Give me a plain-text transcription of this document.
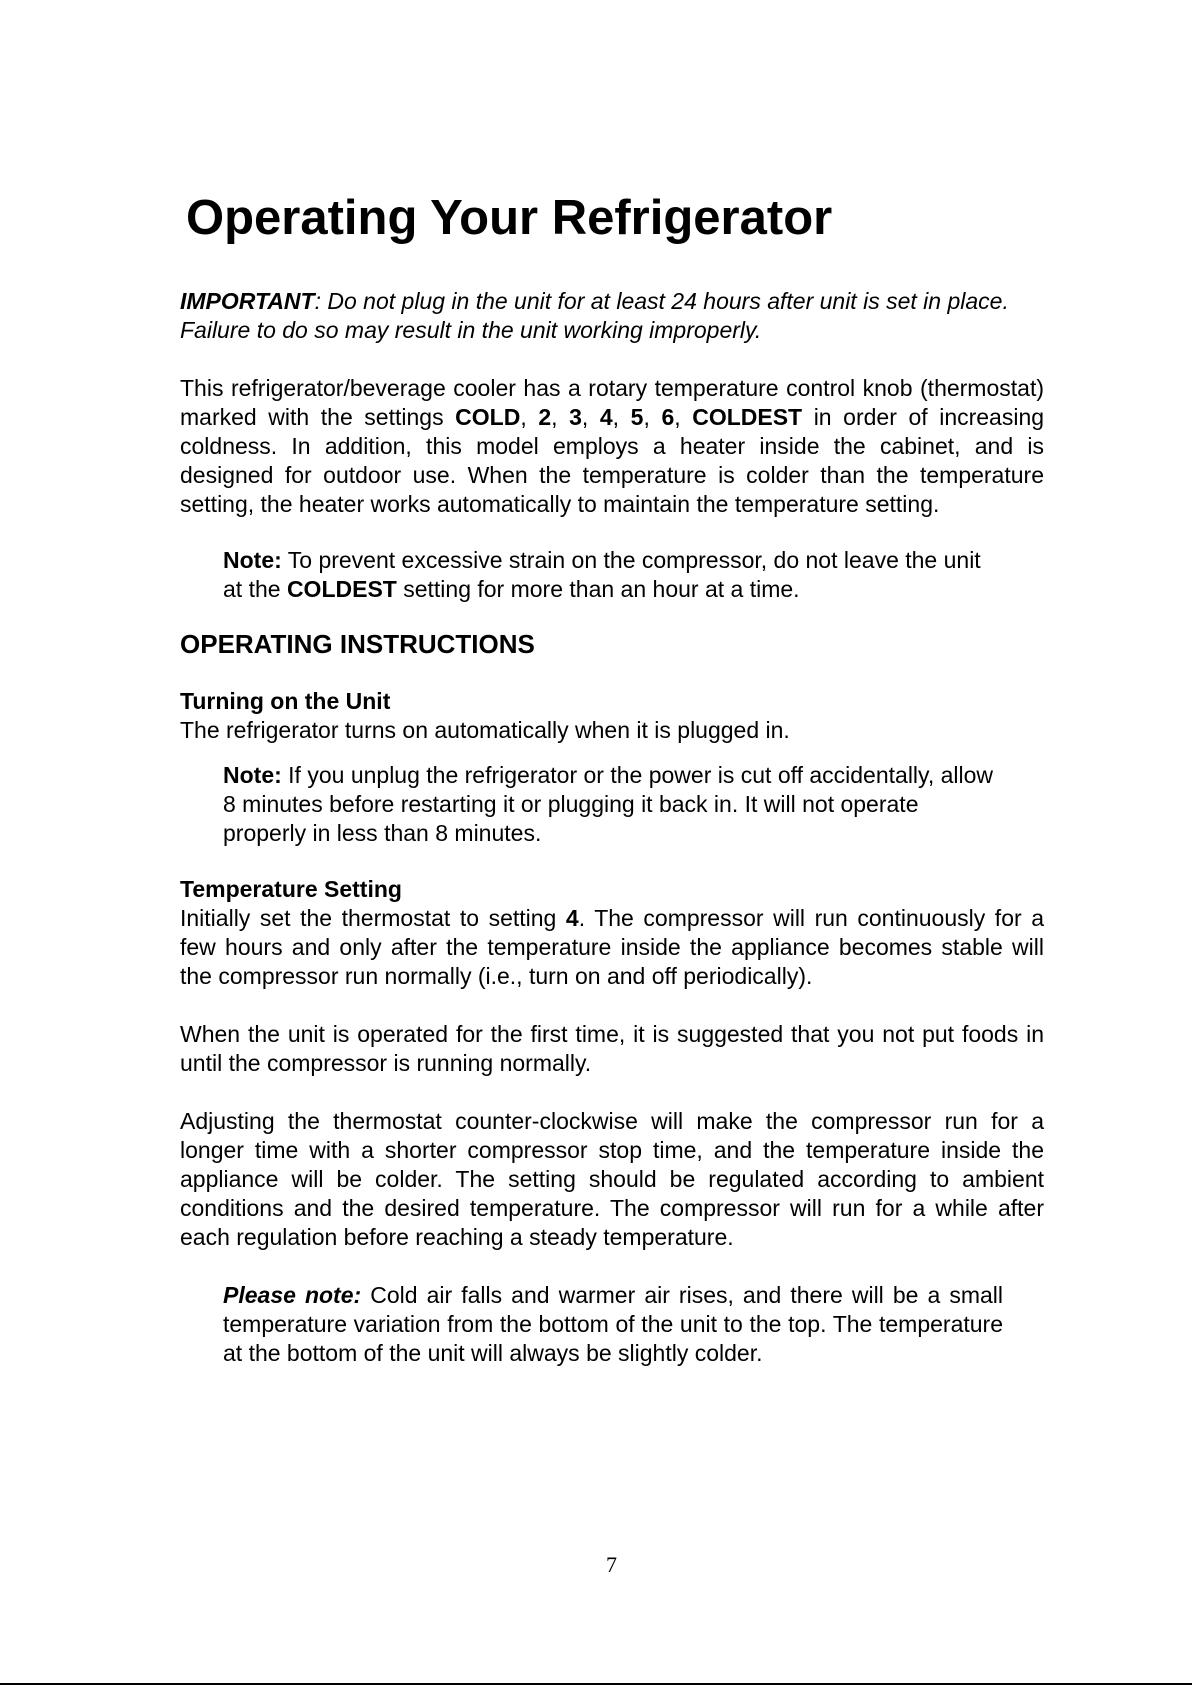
Operating Your Refrigerator

IMPORTANT: Do not plug in the unit for at least 24 hours after unit is set in place. Failure to do so may result in the unit working improperly.

This refrigerator/beverage cooler has a rotary temperature control knob (thermostat) marked with the settings COLD, 2, 3, 4, 5, 6, COLDEST in order of increasing coldness. In addition, this model employs a heater inside the cabinet, and is designed for outdoor use. When the temperature is colder than the temperature setting, the heater works automatically to maintain the temperature setting.

Note: To prevent excessive strain on the compressor, do not leave the unit at the COLDEST setting for more than an hour at a time.

OPERATING INSTRUCTIONS
Turning on the Unit

The refrigerator turns on automatically when it is plugged in.

Note: If you unplug the refrigerator or the power is cut off accidentally, allow 8 minutes before restarting it or plugging it back in. It will not operate properly in less than 8 minutes.

Temperature Setting

Initially set the thermostat to setting 4. The compressor will run continuously for a few hours and only after the temperature inside the appliance becomes stable will the compressor run normally (i.e., turn on and off periodically).

When the unit is operated for the first time, it is suggested that you not put foods in until the compressor is running normally.

Adjusting the thermostat counter-clockwise will make the compressor run for a longer time with a shorter compressor stop time, and the temperature inside the appliance will be colder. The setting should be regulated according to ambient conditions and the desired temperature. The compressor will run for a while after each regulation before reaching a steady temperature.

Please note: Cold air falls and warmer air rises, and there will be a small temperature variation from the bottom of the unit to the top. The temperature at the bottom of the unit will always be slightly colder.

7
